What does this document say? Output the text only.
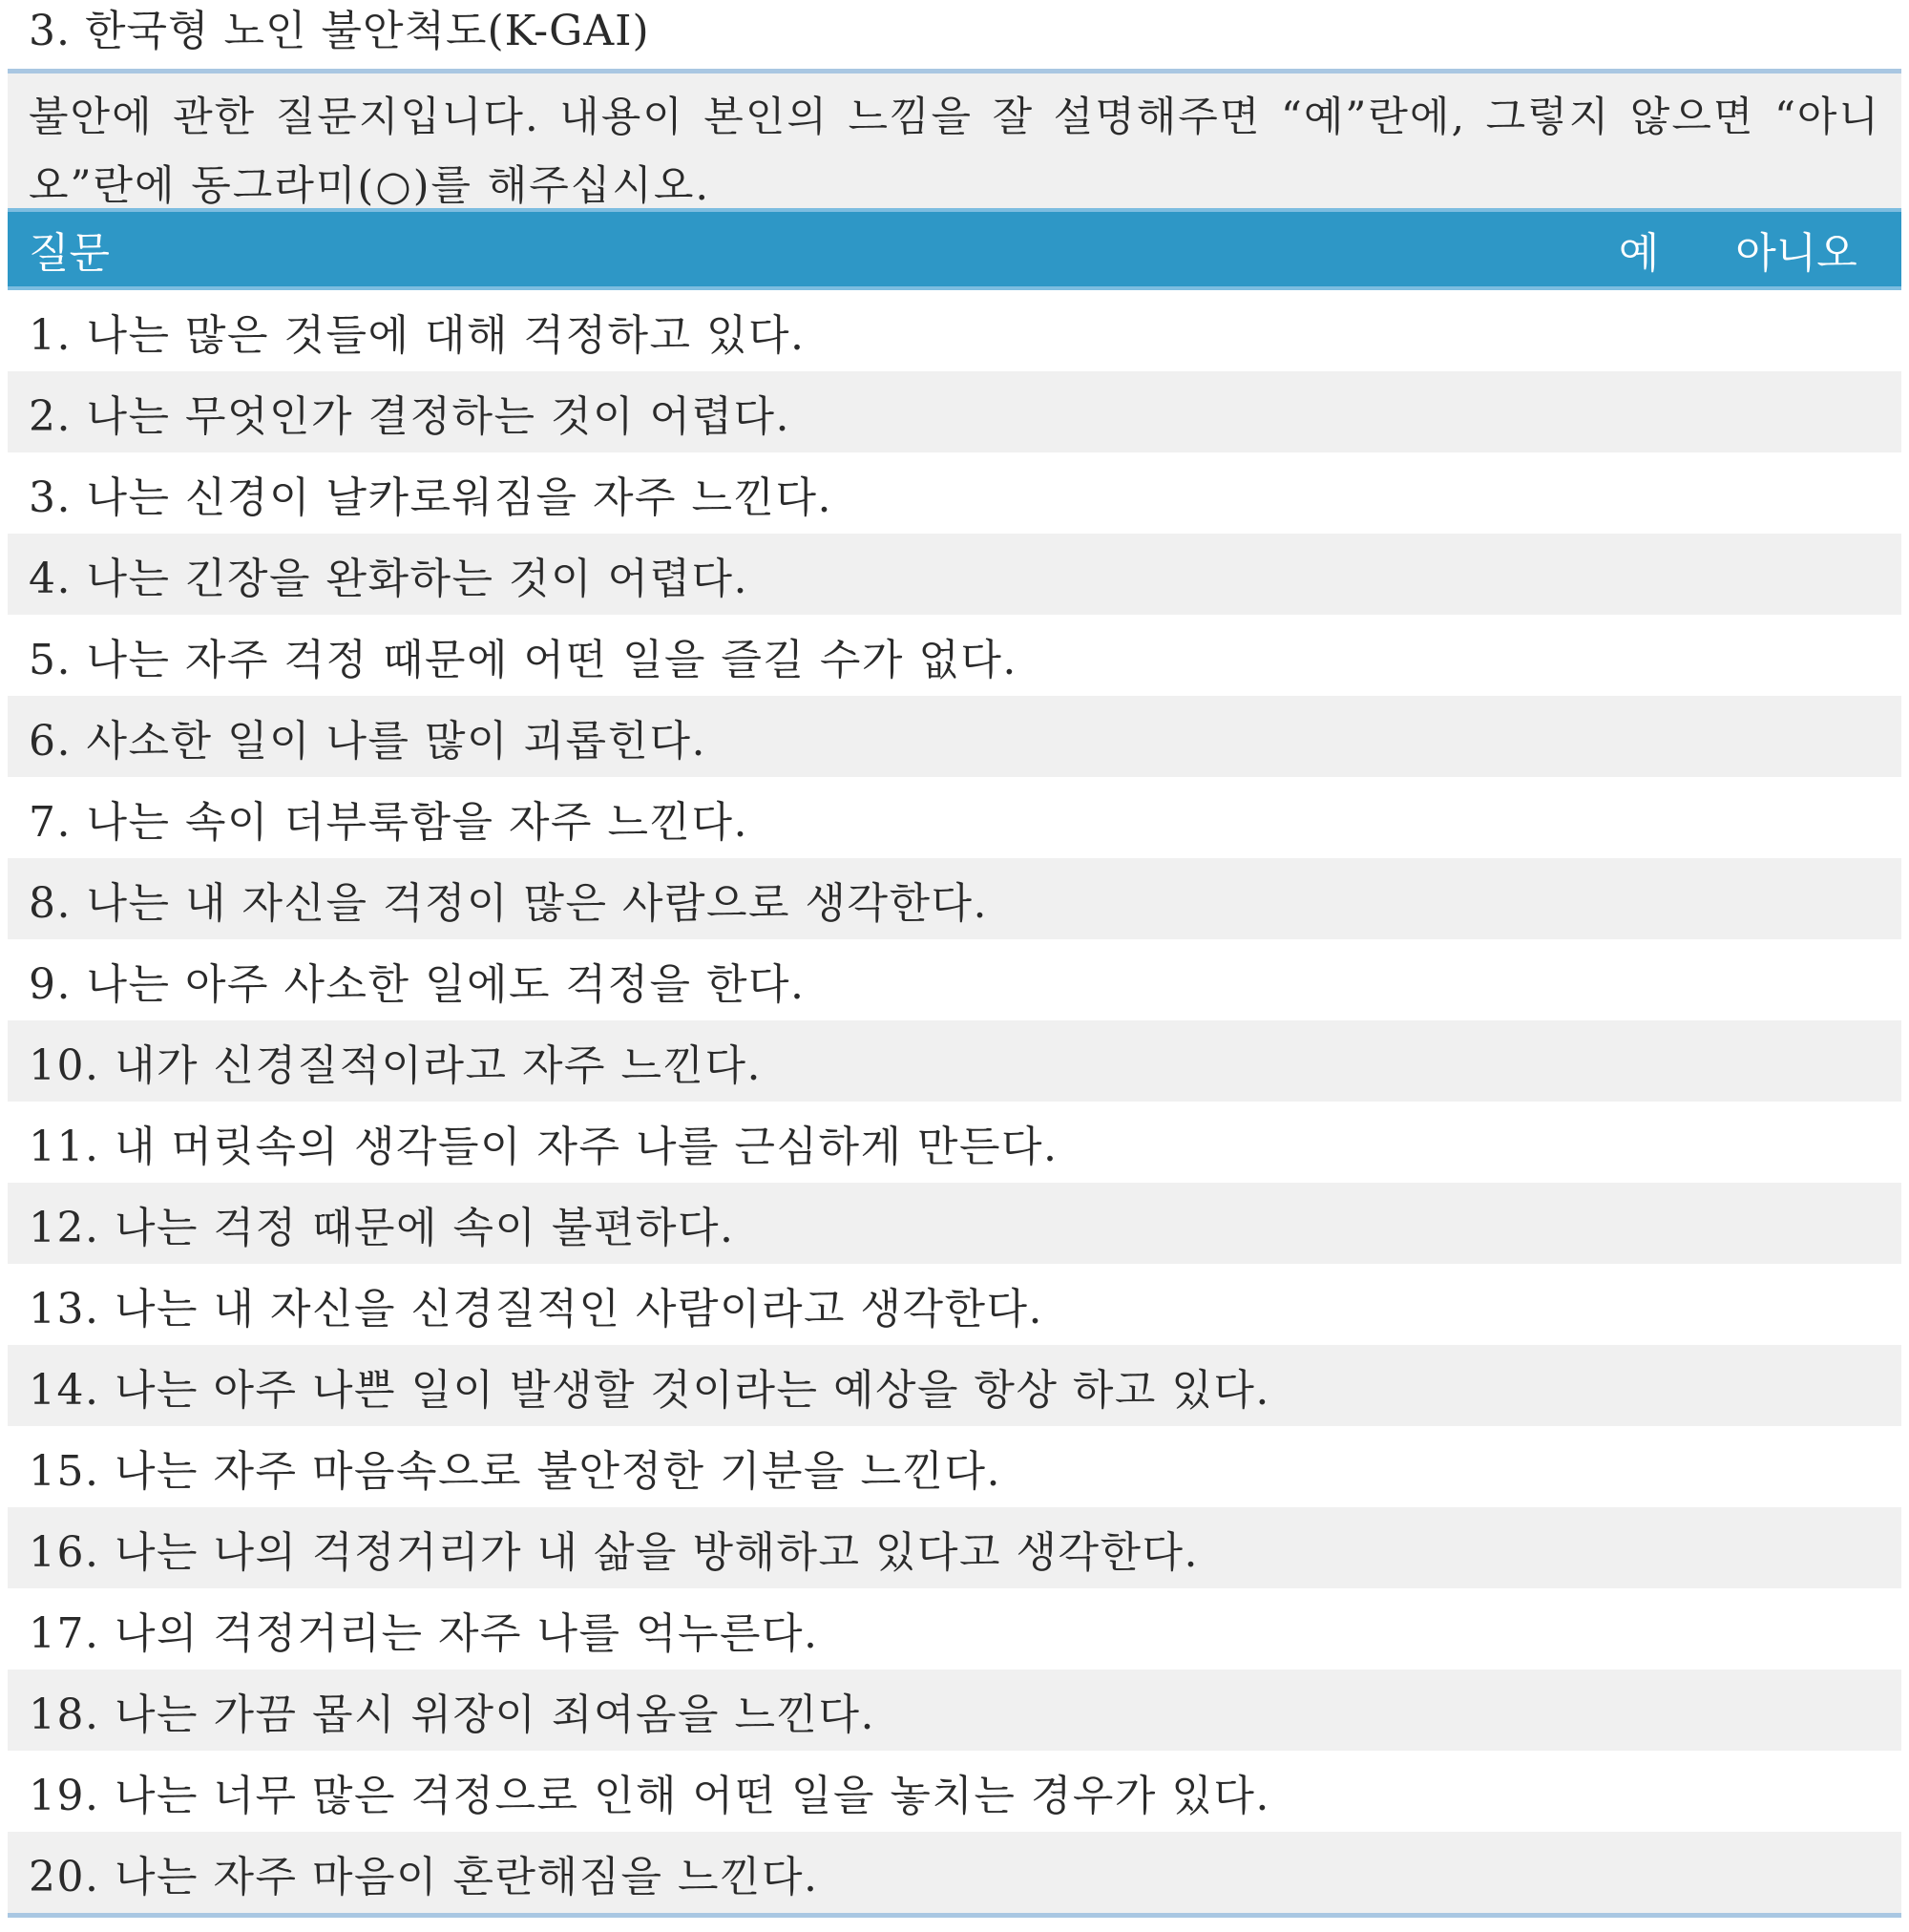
3. 한국형 노인 불안척도(K-GAI)
불안에 관한 질문지입니다. 내용이 본인의 느낌을 잘 설명해주면 “예”란에, 그렇지 않으면 “아니오”란에 동그라미(○)를 해주십시오.
질문	예	아니오
1. 나는 많은 것들에 대해 걱정하고 있다.
2. 나는 무엇인가 결정하는 것이 어렵다.
3. 나는 신경이 날카로워짐을 자주 느낀다.
4. 나는 긴장을 완화하는 것이 어렵다.
5. 나는 자주 걱정 때문에 어떤 일을 즐길 수가 없다.
6. 사소한 일이 나를 많이 괴롭힌다.
7. 나는 속이 더부룩함을 자주 느낀다.
8. 나는 내 자신을 걱정이 많은 사람으로 생각한다.
9. 나는 아주 사소한 일에도 걱정을 한다.
10. 내가 신경질적이라고 자주 느낀다.
11. 내 머릿속의 생각들이 자주 나를 근심하게 만든다.
12. 나는 걱정 때문에 속이 불편하다.
13. 나는 내 자신을 신경질적인 사람이라고 생각한다.
14. 나는 아주 나쁜 일이 발생할 것이라는 예상을 항상 하고 있다.
15. 나는 자주 마음속으로 불안정한 기분을 느낀다.
16. 나는 나의 걱정거리가 내 삶을 방해하고 있다고 생각한다.
17. 나의 걱정거리는 자주 나를 억누른다.
18. 나는 가끔 몹시 위장이 죄여옴을 느낀다.
19. 나는 너무 많은 걱정으로 인해 어떤 일을 놓치는 경우가 있다.
20. 나는 자주 마음이 혼란해짐을 느낀다.
